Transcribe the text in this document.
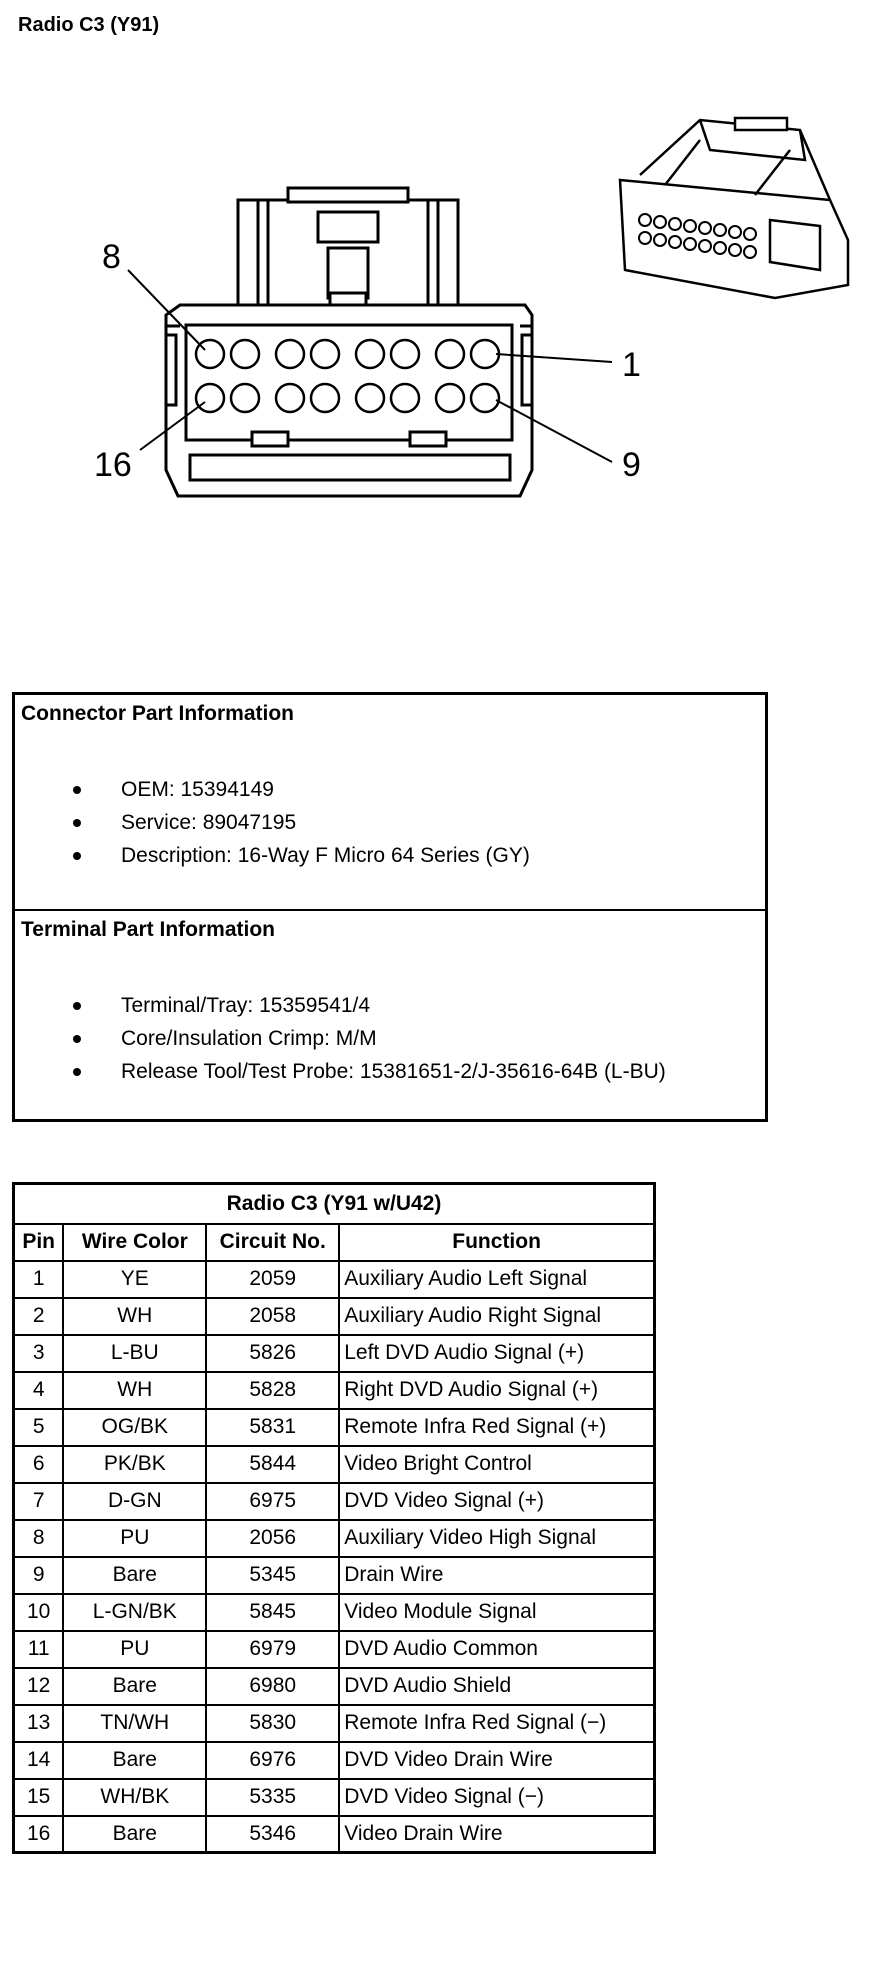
Radio C3 (Y91)
8
1
16	9
Connector Part Information
OEM: 15394149
Service: 89047195
Description: 16-Way F Micro 64 Series (GY)
Terminal Part Information
Terminal/Tray: 15359541/4
Core/Insulation Crimp: M/M
Release Tool/Test Probe: 15381651-2/J-35616-64B (L-BU)
Radio C3 (Y91 w/U42)			
Pin	Wire Color	Circuit No.	Function
1	YE	2059	Auxiliary Audio Left Signal
2	WH	2058	Auxiliary Audio Right Signal
3	L-BU	5826	Left DVD Audio Signal (+)
4	WH	5828	Right DVD Audio Signal (+)
5	OG/BK	5831	Remote Infra Red Signal (+)
6	PK/BK	5844	Video Bright Control
7	D-GN	6975	DVD Video Signal (+)
8	PU	2056	Auxiliary Video High Signal
9	Bare	5345	Drain Wire
10	L-GN/BK	5845	Video Module Signal
11	PU	6979	DVD Audio Common
12	Bare	6980	DVD Audio Shield
13	TN/WH	5830	Remote Infra Red Signal (−)
14	Bare	6976	DVD Video Drain Wire
15	WH/BK	5335	DVD Video Signal (−)
16	Bare	5346	Video Drain Wire
